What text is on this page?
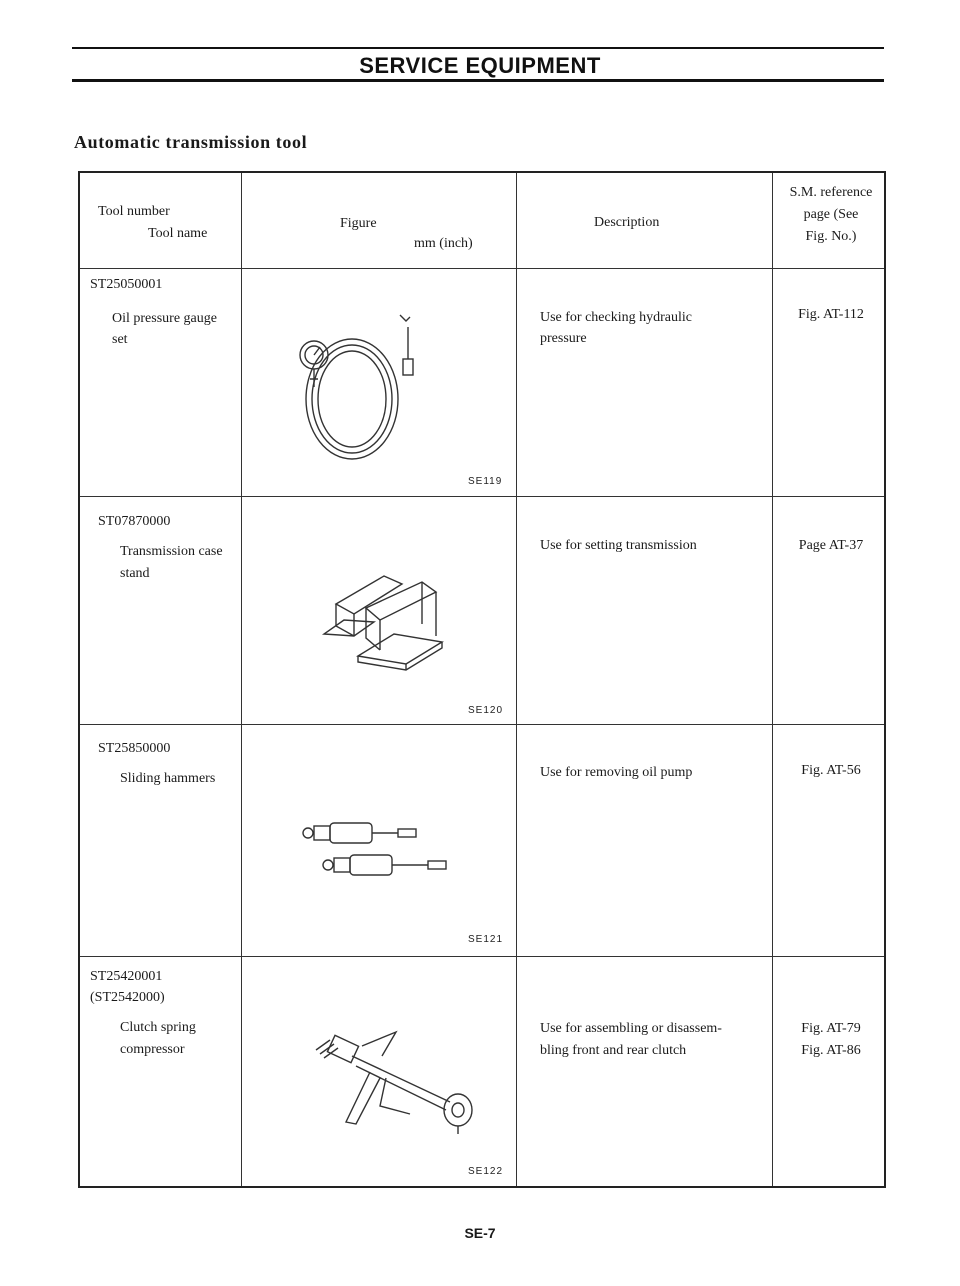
SERVICE EQUIPMENT
Automatic transmission tool
Tool number
Tool name
Figure
mm (inch)
Description
S.M. reference
page (See
Fig. No.)
ST25050001
Oil pressure gauge
set
SE119
Use for checking hydraulic
pressure
Fig. AT-112
ST07870000
Transmission case
stand
SE120
Use for setting transmission	Page AT-37
ST25850000
Sliding hammers
SE121
Use for removing oil pump	Fig. AT-56
ST25420001
(ST2542000)
Clutch spring
compressor
SE122
Use for assembling or disassem-
bling front and rear clutch
Fig. AT-79
Fig. AT-86
SE-7
